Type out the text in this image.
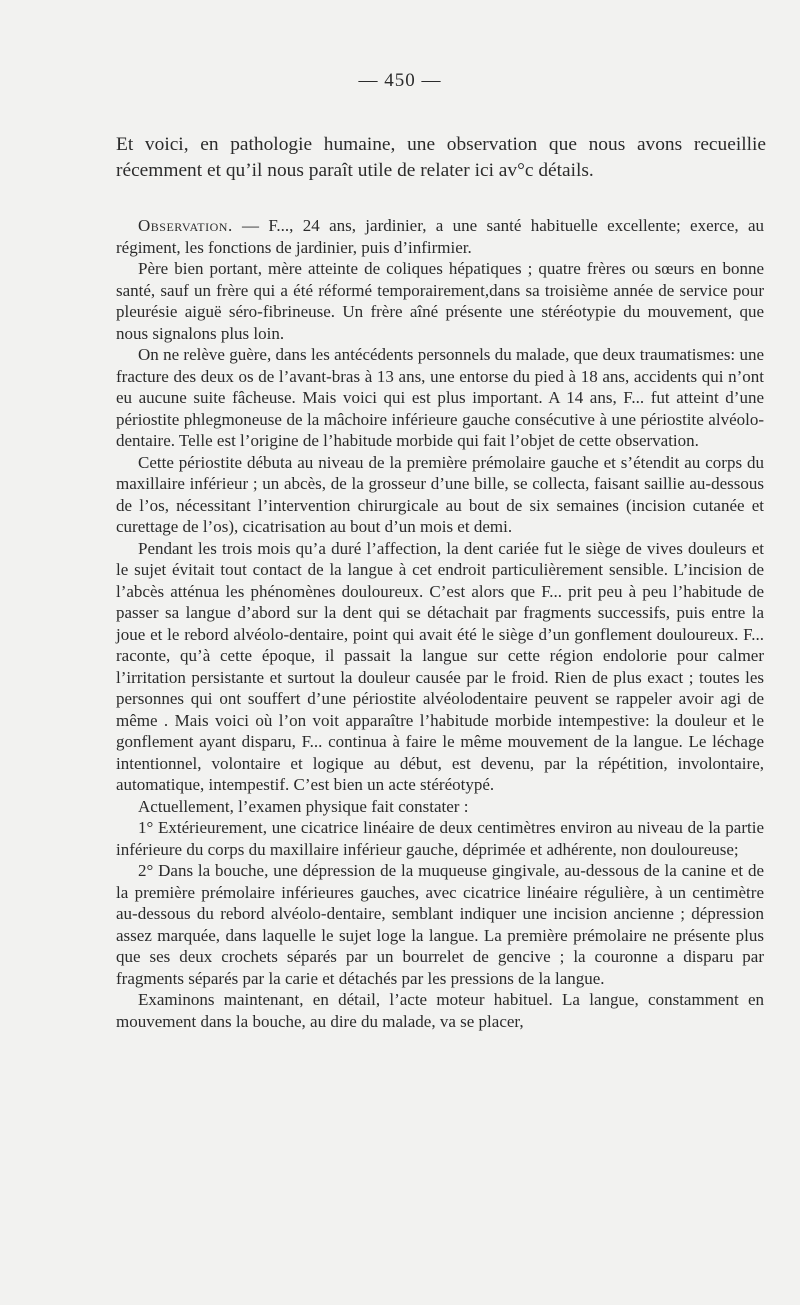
— 450 —

Et voici, en pathologie humaine, une observation que nous avons recueillie récemment et qu’il nous paraît utile de relater ici av°c détails.

Observation. — F..., 24 ans, jardinier, a une santé habituelle excellente; exerce, au régiment, les fonctions de jardinier, puis d’infirmier.

Père bien portant, mère atteinte de coliques hépatiques ; quatre frères ou sœurs en bonne santé, sauf un frère qui a été réformé temporairement,dans sa troisième année de service pour pleurésie aiguë séro-fibrineuse. Un frère aîné présente une stéréotypie du mouvement, que nous signalons plus loin.

On ne relève guère, dans les antécédents personnels du malade, que deux traumatismes: une fracture des deux os de l’avant-bras à 13 ans, une entorse du pied à 18 ans, accidents qui n’ont eu aucune suite fâcheuse. Mais voici qui est plus important. A 14 ans, F... fut atteint d’une périostite phlegmoneuse de la mâchoire inférieure gauche consécutive à une périostite alvéolo-dentaire. Telle est l’origine de l’habitude morbide qui fait l’objet de cette observation.

Cette périostite débuta au niveau de la première prémolaire gauche et s’étendit au corps du maxillaire inférieur ; un abcès, de la grosseur d’une bille, se collecta, faisant saillie au-dessous de l’os, nécessitant l’intervention chirurgicale au bout de six semaines (incision cutanée et curettage de l’os), cicatrisation au bout d’un mois et demi.

Pendant les trois mois qu’a duré l’affection, la dent cariée fut le siège de vives douleurs et le sujet évitait tout contact de la langue à cet endroit particulièrement sensible. L’incision de l’abcès atténua les phénomènes douloureux. C’est alors que F... prit peu à peu l’habitude de passer sa langue d’abord sur la dent qui se détachait par fragments successifs, puis entre la joue et le rebord alvéolo-dentaire, point qui avait été le siège d’un gonflement douloureux. F... raconte, qu’à cette époque, il passait la langue sur cette région endolorie pour calmer l’irritation persistante et surtout la douleur causée par le froid. Rien de plus exact ; toutes les personnes qui ont souffert d’une périostite alvéolodentaire peuvent se rappeler avoir agi de même . Mais voici où l’on voit apparaître l’habitude morbide intempestive: la douleur et le gonflement ayant disparu, F... continua à faire le même mouvement de la langue. Le léchage intentionnel, volontaire et logique au début, est devenu, par la répétition, involontaire, automatique, intempestif. C’est bien un acte stéréotypé.

Actuellement, l’examen physique fait constater :

1° Extérieurement, une cicatrice linéaire de deux centimètres environ au niveau de la partie inférieure du corps du maxillaire inférieur gauche, déprimée et adhérente, non douloureuse;

2° Dans la bouche, une dépression de la muqueuse gingivale, au-dessous de la canine et de la première prémolaire inférieures gauches, avec cicatrice linéaire régulière, à un centimètre au-dessous du rebord alvéolo-dentaire, semblant indiquer une incision ancienne ; dépression assez marquée, dans laquelle le sujet loge la langue. La première prémolaire ne présente plus que ses deux crochets séparés par un bourrelet de gencive ; la couronne a disparu par fragments séparés par la carie et détachés par les pressions de la langue.

Examinons maintenant, en détail, l’acte moteur habituel. La langue, constamment en mouvement dans la bouche, au dire du malade, va se placer,
